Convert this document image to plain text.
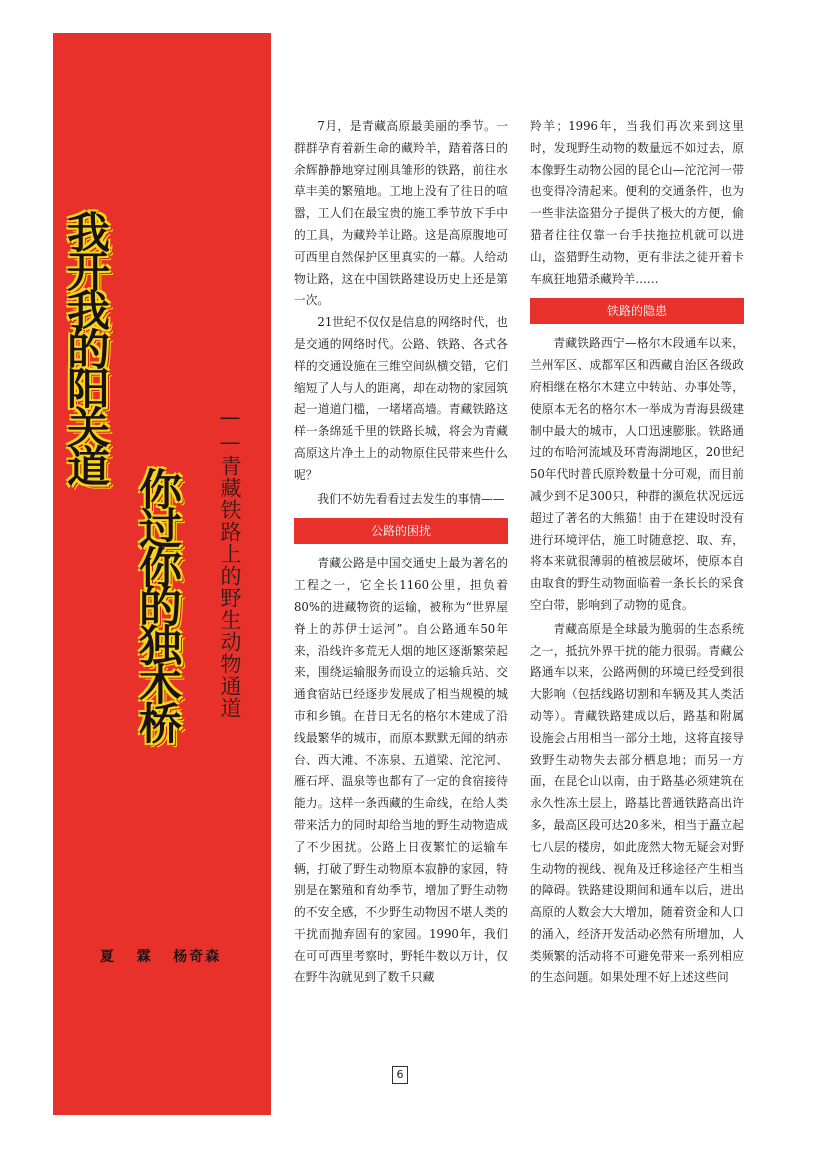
我开我的阳关道
你过你的独木桥 ——青藏铁路上的野生动物通道
夏   霖   杨奇森

7月，是青藏高原最美丽的季节。一群群孕育着新生命的藏羚羊，踏着落日的余辉静静地穿过刚具雏形的铁路，前往水草丰美的繁殖地。工地上没有了往日的喧嚣，工人们在最宝贵的施工季节放下手中的工具，为藏羚羊让路。这是高原腹地可可西里自然保护区里真实的一幕。人给动物让路，这在中国铁路建设历史上还是第一次。

21世纪不仅仅是信息的网络时代，也是交通的网络时代。公路、铁路、各式各样的交通设施在三维空间纵横交错，它们缩短了人与人的距离，却在动物的家园筑起一道道门槛，一堵堵高墙。青藏铁路这样一条绵延千里的铁路长城，将会为青藏高原这片净土上的动物原住民带来些什么呢？

我们不妨先看看过去发生的事情——

公路的困扰

青藏公路是中国交通史上最为著名的工程之一，它全长1160公里，担负着80%的进藏物资的运输，被称为“世界屋脊上的苏伊士运河”。自公路通车50年来，沿线许多荒无人烟的地区逐渐繁荣起来，围绕运输服务而设立的运输兵站、交通食宿站已经逐步发展成了相当规模的城市和乡镇。在昔日无名的格尔木建成了沿线最繁华的城市，而原本默默无闻的纳赤台、西大滩、不冻泉、五道梁、沱沱河、雁石坪、温泉等也都有了一定的食宿接待能力。这样一条西藏的生命线，在给人类带来活力的同时却给当地的野生动物造成了不少困扰。公路上日夜繁忙的运输车辆，打破了野生动物原本寂静的家园，特别是在繁殖和育幼季节，增加了野生动物的不安全感，不少野生动物因不堪人类的干扰而抛弃固有的家园。1990年，我们在可可西里考察时，野牦牛数以万计，仅在野牛沟就见到了数千只藏

羚羊；1996年，当我们再次来到这里时，发现野生动物的数量远不如过去，原本像野生动物公园的昆仑山—沱沱河一带也变得冷清起来。便利的交通条件，也为一些非法盗猎分子提供了极大的方便，偷猎者往往仅靠一台手扶拖拉机就可以进山，盗猎野生动物，更有非法之徒开着卡车疯狂地猎杀藏羚羊……

铁路的隐患

青藏铁路西宁—格尔木段通车以来，兰州军区、成都军区和西藏自治区各级政府相继在格尔木建立中转站、办事处等，使原本无名的格尔木一举成为青海县级建制中最大的城市，人口迅速膨胀。铁路通过的布哈河流域及环青海湖地区，20世纪50年代时普氏原羚数量十分可观，而目前减少到不足300只，种群的濒危状况远远超过了著名的大熊猫！由于在建设时没有进行环境评估，施工时随意挖、取、弃，将本来就很薄弱的植被层破坏，使原本自由取食的野生动物面临着一条长长的采食空白带，影响到了动物的觅食。

青藏高原是全球最为脆弱的生态系统之一，抵抗外界干扰的能力很弱。青藏公路通车以来，公路两侧的环境已经受到很大影响（包括线路切割和车辆及其人类活动等）。青藏铁路建成以后，路基和附属设施会占用相当一部分土地，这将直接导致野生动物失去部分栖息地；而另一方面，在昆仑山以南，由于路基必须建筑在永久性冻土层上，路基比普通铁路高出许多，最高区段可达20多米，相当于矗立起七八层的楼房，如此庞然大物无疑会对野生动物的视线、视角及迁移途径产生相当的障碍。铁路建设期间和通车以后，进出高原的人数会大大增加，随着资金和人口的涌入，经济开发活动必然有所增加，人类频繁的活动将不可避免带来一系列相应的生态问题。如果处理不好上述这些问

6
